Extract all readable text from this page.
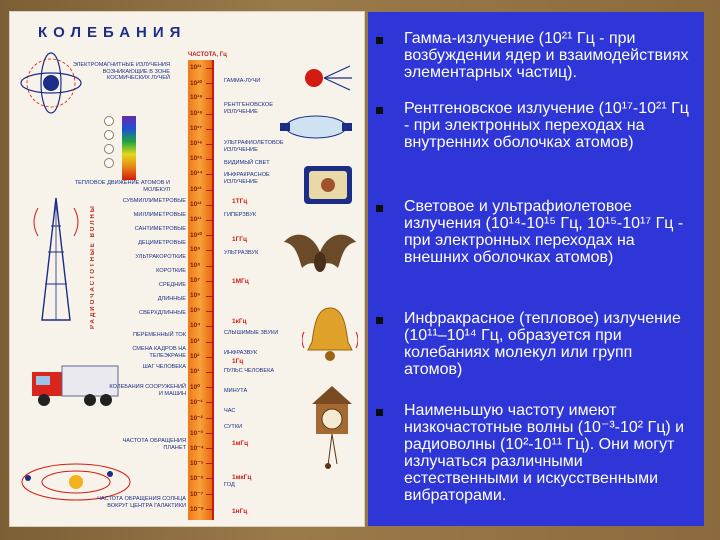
КОЛЕБАНИЯ
РАДИОЧАСТОТНЫЕ ВОЛНЫ
ЧАСТОТА, Гц
ЭЛЕКТРОМАГНИТНЫЕ ИЗЛУЧЕНИЯ ВОЗНИКАЮЩИЕ В ЗОНЕ КОСМИЧЕСКИХ ЛУЧЕЙ
ТЕПЛОВОЕ ДВИЖЕНИЕ АТОМОВ И МОЛЕКУЛ
СВЕРХДЛИННЫЕ
ДЛИННЫЕ
СРЕДНИЕ
КОРОТКИЕ
УЛЬТРАКОРОТКИЕ
ДЕЦИМЕТРОВЫЕ
САНТИМЕТРОВЫЕ
МИЛЛИМЕТРОВЫЕ
СУБМИЛЛИМЕТРОВЫЕ
ПЕРЕМЕННЫЙ ТОК
СМЕНА КАДРОВ НА ТЕЛЕЭКРАНЕ
ШАГ ЧЕЛОВЕКА
КОЛЕБАНИЯ СООРУЖЕНИЙ И МАШИН
ЧАСТОТА ОБРАЩЕНИЯ ПЛАНЕТ
ЧАСТОТА ОБРАЩЕНИЯ СОЛНЦА ВОКРУГ ЦЕНТРА ГАЛАКТИКИ
ГАММА-ЛУЧИ
РЕНТГЕНОВСКОЕ ИЗЛУЧЕНИЕ
УЛЬТРАФИОЛЕТОВОЕ ИЗЛУЧЕНИЕ
ВИДИМЫЙ СВЕТ
ИНФРАКРАСНОЕ ИЗЛУЧЕНИЕ
ГИПЕРЗВУК
УЛЬТРАЗВУК
СЛЫШИМЫЕ ЗВУКИ
ИНФРАЗВУК
ПУЛЬС ЧЕЛОВЕКА
МИНУТА
ЧАС
СУТКИ
ГОД
1ТГц
1ГГц
1МГц
1кГц
1Гц
1мГц
1мкГц
1нГц
10²¹
10²⁰
10¹⁹
10¹⁸
10¹⁷
10¹⁶
10¹⁵
10¹⁴
10¹³
10¹²
10¹¹
10¹⁰
10⁹
10⁸
10⁷
10⁶
10⁵
10⁴
10³
10²
10¹
10⁰
10⁻¹
10⁻²
10⁻³
10⁻⁴
10⁻⁵
10⁻⁶
10⁻⁷
10⁻⁸
Гамма-излучение (10²¹ Гц - при возбуждении ядер и взаимодействиях элементарных частиц).
Рентгеновское излучение (10¹⁷-10²¹ Гц - при электронных переходах на внутренних оболочках атомов)
Световое и ультрафиолетовое излучения (10¹⁴-10¹⁵ Гц, 10¹⁵-10¹⁷ Гц - при электронных переходах на внешних оболочках атомов)
Инфракрасное (тепловое) излучение (10¹¹–10¹⁴ Гц, образуется при колебаниях молекул или групп атомов)
Наименьшую частоту имеют низкочастотные волны (10⁻³-10² Гц) и радиоволны (10²-10¹¹ Гц). Они могут излучаться различными естественными и искусственными вибраторами.
